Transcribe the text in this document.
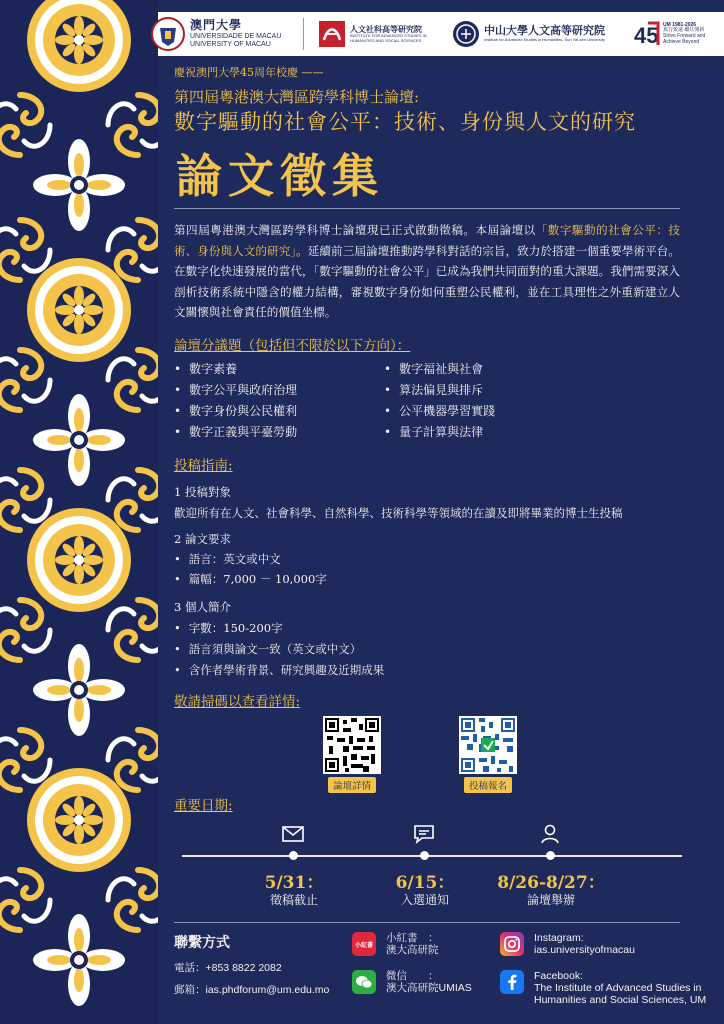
澳門大學
UNIVERSIDADE DE MACAU
UNIVERSITY OF MACAU
人文社科高等研究院
INSTITUTE FOR ADVANCED STUDIES IN HUMANITIES AND SOCIAL SCIENCES
中山大學人文高等研究院
Institute for Advanced Studies in Humanities, Sun Yat-sen University	45 UM 1981-2026
篤行致遠 繼往開新
Strive Forward and Achieve Beyond
慶祝澳門大學45周年校慶 ——
第四屆粵港澳大灣區跨學科博士論壇:
數字驅動的社會公平：技術、身份與人文的研究
論文徵集
第四屆粵港澳大灣區跨學科博士論壇現已正式啟動徵稿。本屆論壇以「數字驅動的社會公平：技術、身份與人文的研究」。延續前三屆論壇推動跨學科對話的宗旨，致力於搭建一個重要學術平台。在數字化快速發展的當代，「數字驅動的社會公平」已成為我們共同面對的重大課題。我們需要深入剖析技術系統中隱含的權力結構，審視數字身份如何重塑公民權利，並在工具理性之外重新建立人文關懷與社會責任的價值坐標。
論壇分議題（包括但不限於以下方向）：
• 數字素養	• 數字福祉與社會
• 數字公平與政府治理	• 算法偏見與排斥
• 數字身份與公民權利	• 公平機器學習實踐
• 數字正義與平臺勞動	• 量子計算與法律
投稿指南:
1 投稿對象
歡迎所有在人文、社會科學、自然科學、技術科學等領域的在讀及即將畢業的博士生投稿
2 論文要求
• 語言：英文或中文
• 篇幅：7,000 － 10,000字
3 個人簡介
• 字數：150-200字
• 語言須與論文一致（英文或中文）
• 含作者學術背景、研究興趣及近期成果
敬請掃碼以查看詳情:
論壇詳情	投稿報名
重要日期:
5/31：
徵稿截止
6/15：
入選通知
8/26-8/27：
論壇舉辦
聯繫方式
電話：+853 8822 2082
郵箱：ias.phdforum@um.edu.mo
小紅書
小紅書　：
澳大高研院
微信　　：
澳大高研院UMIAS
Instagram:
ias.universityofmacau
Facebook:
The Institute of Advanced Studies in
Humanities and Social Sciences, UM
